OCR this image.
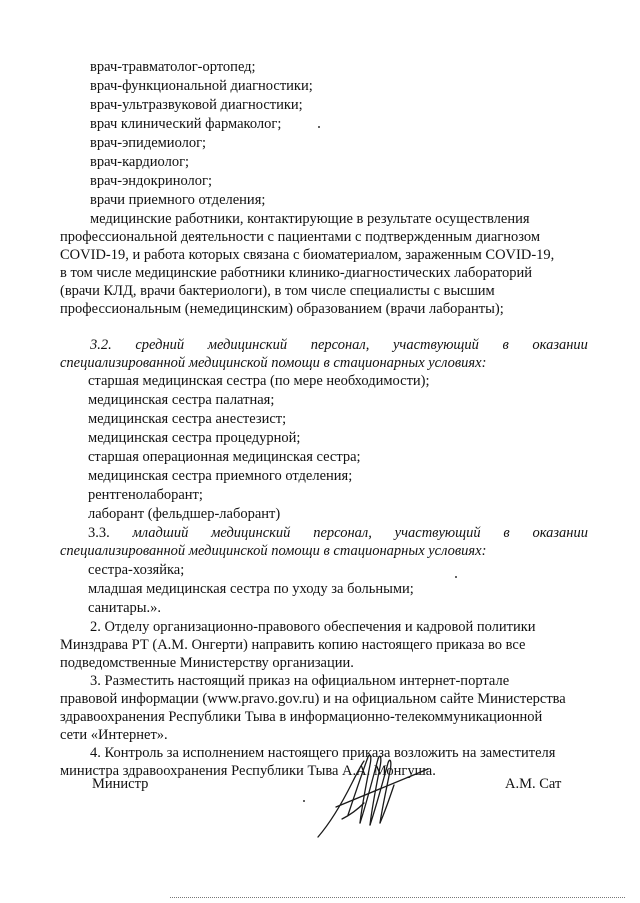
врач-травматолог-ортопед;

врач-функциональной диагностики;

врач-ультразвуковой диагностики;

врач клинический фармаколог;

врач-эпидемиолог;

врач-кардиолог;

врач-эндокринолог;

врачи приемного отделения;

медицинские работники, контактирующие в результате осуществления

профессиональной деятельности с пациентами с подтвержденным диагнозом

COVID-19, и работа которых связана с биоматериалом, зараженным COVID-19,

в том числе медицинские работники клинико-диагностических лабораторий

(врачи КЛД, врачи бактериологи), в том числе специалисты с высшим

профессиональным (немедицинским) образованием (врачи лаборанты);

3.2. средний медицинский персонал, участвующий в оказании

специализированной медицинской помощи в стационарных условиях:

старшая медицинская сестра (по мере необходимости);

медицинская сестра палатная;

медицинская сестра анестезист;

медицинская сестра процедурной;

старшая операционная медицинская сестра;

медицинская сестра приемного отделения;

рентгенолаборант;

лаборант (фельдшер-лаборант)

3.3. младший медицинский персонал, участвующий в оказании

специализированной медицинской помощи в стационарных условиях:

сестра-хозяйка;

младшая медицинская сестра по уходу за больными;

санитары.».

2. Отделу организационно-правового обеспечения и кадровой политики

Минздрава РТ (А.М. Онгерти) направить копию настоящего приказа во все

подведомственные Министерству организации.

3. Разместить настоящий приказ на официальном интернет-портале

правовой информации (www.pravo.gov.ru) и на официальном сайте Министерства

здравоохранения Республики Тыва в информационно-телекоммуникационной

сети «Интернет».

4. Контроль за исполнением настоящего приказа возложить на заместителя

министра здравоохранения Республики Тыва А.А. Монгуша.

Министр	А.М. Сат
